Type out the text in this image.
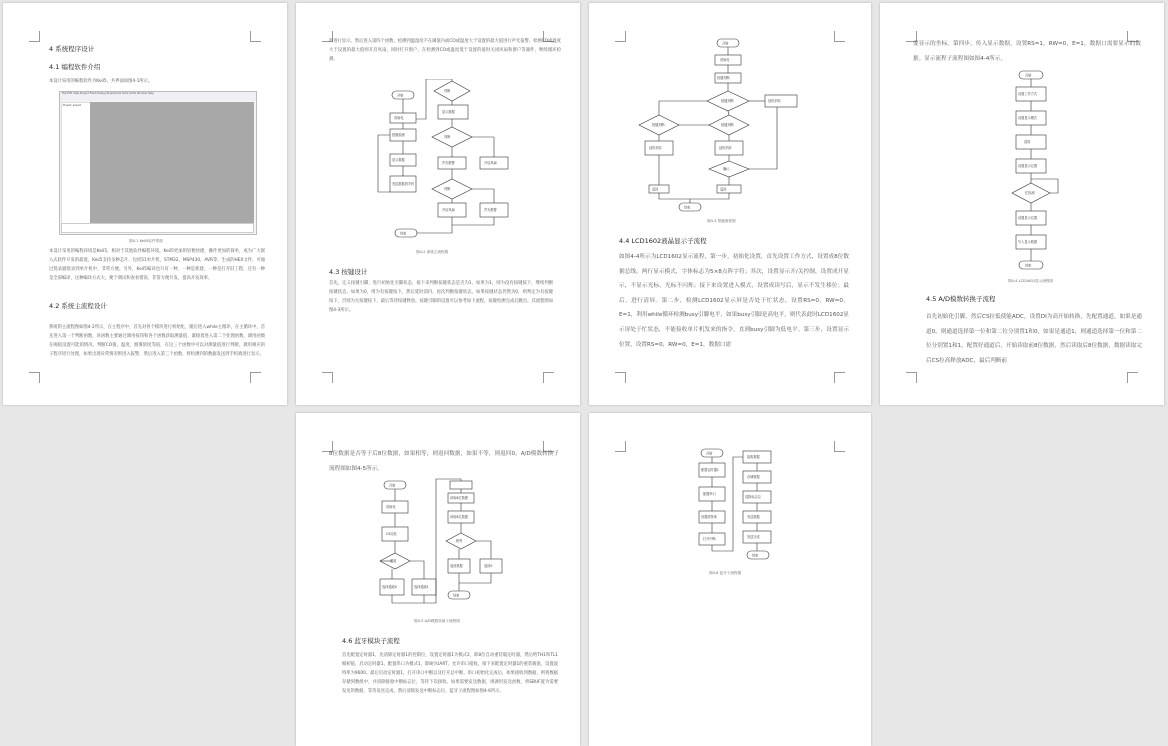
4 系统程序设计
4.1 编程软件介绍
本设计采用的编程软件为Keil5，共界面如图4-1所示。
File Edit View Project Flash Debug Peripherals Tools SVCS Window Help
Project: project
图4-1 Keil5软件界面
本设计采用的编程环境是Keil5，相对于其他软件编程环境，Keil5更加的轻便快捷，操作更加的简单，成为广大嵌入式软件开发的最爱。Keil5支持多种芯片，包括51单片机，STM32，MSP430，AVR等，生成的HEX文件，可通过烧录器烧录到单片机中，非常方便。另外，Keil5编译也只有一种，一种是新建，一种是打开旧工程，还有一种是全部编译，这种编译方式大，便于调试和查看错误，非常方便开发，提高开发效率。
4.2 系统主流程设计
系统的主流程图如图4-2所示，在主程序中，首先对各个模块进行初始化，随后进入while主循环，在主循环中，首先进入第一个判断函数，该函数主要通过调用按钮和各个函数获取测量值，紧接着进入第二个处理函数，调用函数在阈值设置可能的情况，判断CO值、温度、烟雾浓度等值，在这三个函数中可以对测量值进行判断，调用相应的子程序进行处理，如果出现异常情况则进入报警，然后进入第三个函数，将检测到的数据发送到手机端进行显示。
所进行显示。然后进入第四个函数，检测到温湿度不在阈值内或CO或温度大于设置的最大值进行声光报警。检测CO或温度大于设置的最大值则开启风扇，同时打开窗户，在检测到CO或温度低于设置的值时关闭风扇和窗户等器件，继续循环检测。
开始
初始化
按键检测
显示数据
发送数据到手机
判断
显示数据
判断
声光报警	开启风扇
判断
开启风扇	声光报警
结束
图4-2 系统主流程图
4.3 按键设计
首先，定义按键引脚，进行初始化引脚状态，接下来判断按键状态是否为1，如果为1，则为没有按键按下，继续判断按键状态，如果为0，则为有按键按下，然后延时消抖，再次判断按键状态，如果按键状态仍然为0，则判定为有按键按下，否则为无按键按下，最后等待按键释放。按键引脚的设置可以参考如下流程，按键检测完成后跳出。其流程图如图4-3所示。
开始
初始化
按键判断
按键判断	延时消抖
按键判断	按键判断
延时消抖	延时消抖
确认
返回	返回
结束
图4-3 按键流程图
4.4 LCD1602液晶显示子流程
如图4-4所示为LCD1602显示流程，第一步，初始化设置，首先设置工作方式，设置成8位数据总线，两行显示模式，字体标志为5×8点阵字符；其次，设置显示开/关控制，设置成开显示，不显示光标，光标不闪烁；接下来设置进入模式，设置成读写后，显示不发生移位；最后，进行清屏。第二步，检测LCD1602显示屏是否处于忙状态，设置RS=0，RW=0，E=1，利用while循环检测busy引脚电平，如果busy引脚是高电平，则代表此时LCD1602显示屏处于忙状态，不能接收单片机发来的指令，直到busy引脚为低电平。第三步，设置显示位置，设置RS=0，RW=0，E=1，数据口需
要显示的坐标。第四步，传入显示数据，设置RS=1，RW=0，E=1，数据口需要显示的数据。显示流程子流程图如图4-4所示。
开始
设置工作方式
设置显示模式
清屏
设置显示位置
忙检测
设置显示位置
写入显示数据
结束
图4-4 LCD1602显示流程图
4.5 A/D模数转换子流程
首先初始化引脚，然后CS拉低使能ADC，设置DI为高开始转换，先配置通道，如果是通道0，则通道选择第一位和第二位分别置1和0，如果是通道1，则通道选择第一位和第二位分别置1和1，配置好通道后，开始读取前8位数据，然后读取后8位数据，数据读取完后CS拉高释放ADC，最后判断前
8位数据是否等于后8位数据，如果相等，则返回数据，如果不等，则返回0。A/D模数转换子流程图如图4-5所示。
开始
初始化
CS拉低
通道
选择通道0	选择通道1
读取8位数据
读取8位数据
相等
返回数据	返回0
结束
图4-5 A/D模数转换子流程图
4.6 蓝牙模块子流程
首先配置定时器1，先清除定时器1的控制位，设置定时器1为模式2，即8位自动重装载定时器，然后给TH1和TL1赋初值，启动定时器1，配置串口为模式1，即8位UART，允许串口接收，接下来配置定时器1的重装载值，设置波特率为9600。最后启动定时器1，打开串口中断以及打开总中断。串口初始化完成后，如果接收到数据，则将数据存储到数组中，并清除接收中断标志位，等待下次接收。如果需要发送数据，则调用发送函数，将SBUF置为需要发送的数据，等待发送完成，然后清除发送中断标志位。蓝牙子流程图如图4-6所示。
开始
配置定时器1
配置串口
设置波特率
打开中断
接收数据
存储数据
清除标志位
发送数据
发送完成
结束
图4-6 蓝牙子流程图
